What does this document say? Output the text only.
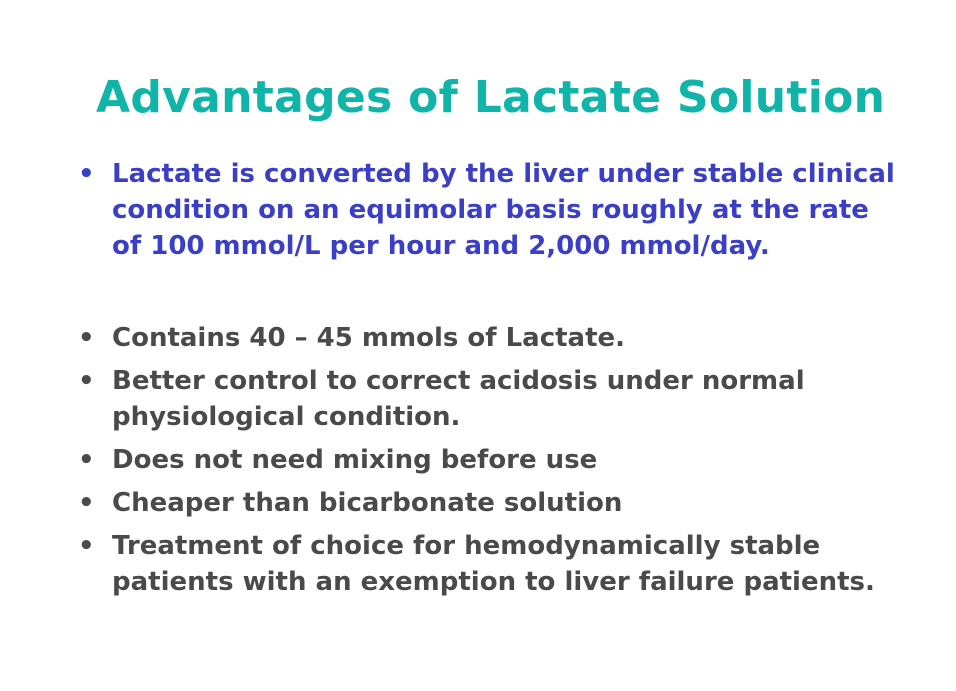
Advantages of Lactate Solution
• Lactate is converted by the liver under stable clinical condition on an equimolar basis roughly at the rate of 100 mmol/L per hour and 2,000 mmol/day.
• Contains 40 – 45 mmols of Lactate.
• Better control to correct acidosis under normal physiological condition.
• Does not need mixing before use
• Cheaper than bicarbonate solution
• Treatment of choice for hemodynamically stable patients with an exemption to liver failure patients.
